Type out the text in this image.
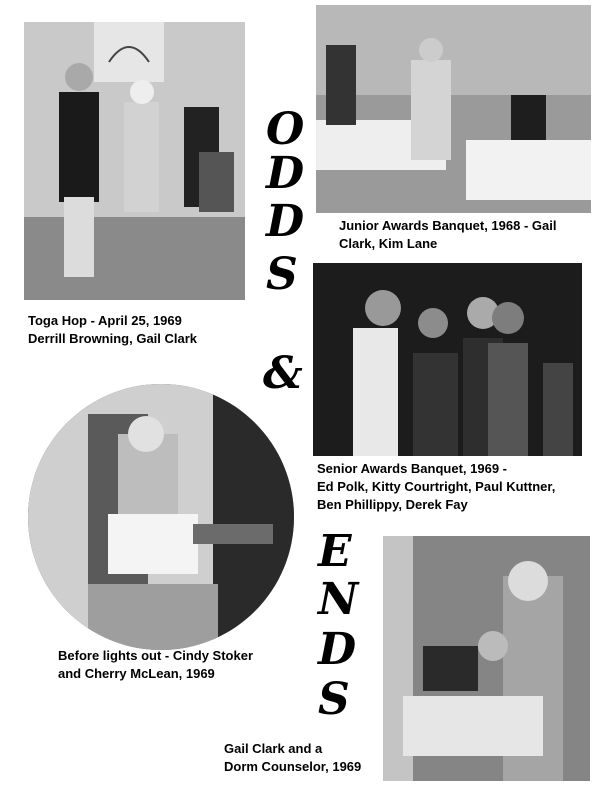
O
D
D
S
&
E
N
D
S
Toga Hop - April 25, 1969
Derrill Browning, Gail Clark
Junior Awards Banquet, 1968 - Gail
Clark, Kim Lane
Senior Awards Banquet, 1969 -
Ed Polk, Kitty Courtright, Paul Kuttner,
Ben Phillippy, Derek Fay
Before lights out - Cindy Stoker
and Cherry McLean, 1969
Gail Clark and a
Dorm Counselor, 1969
